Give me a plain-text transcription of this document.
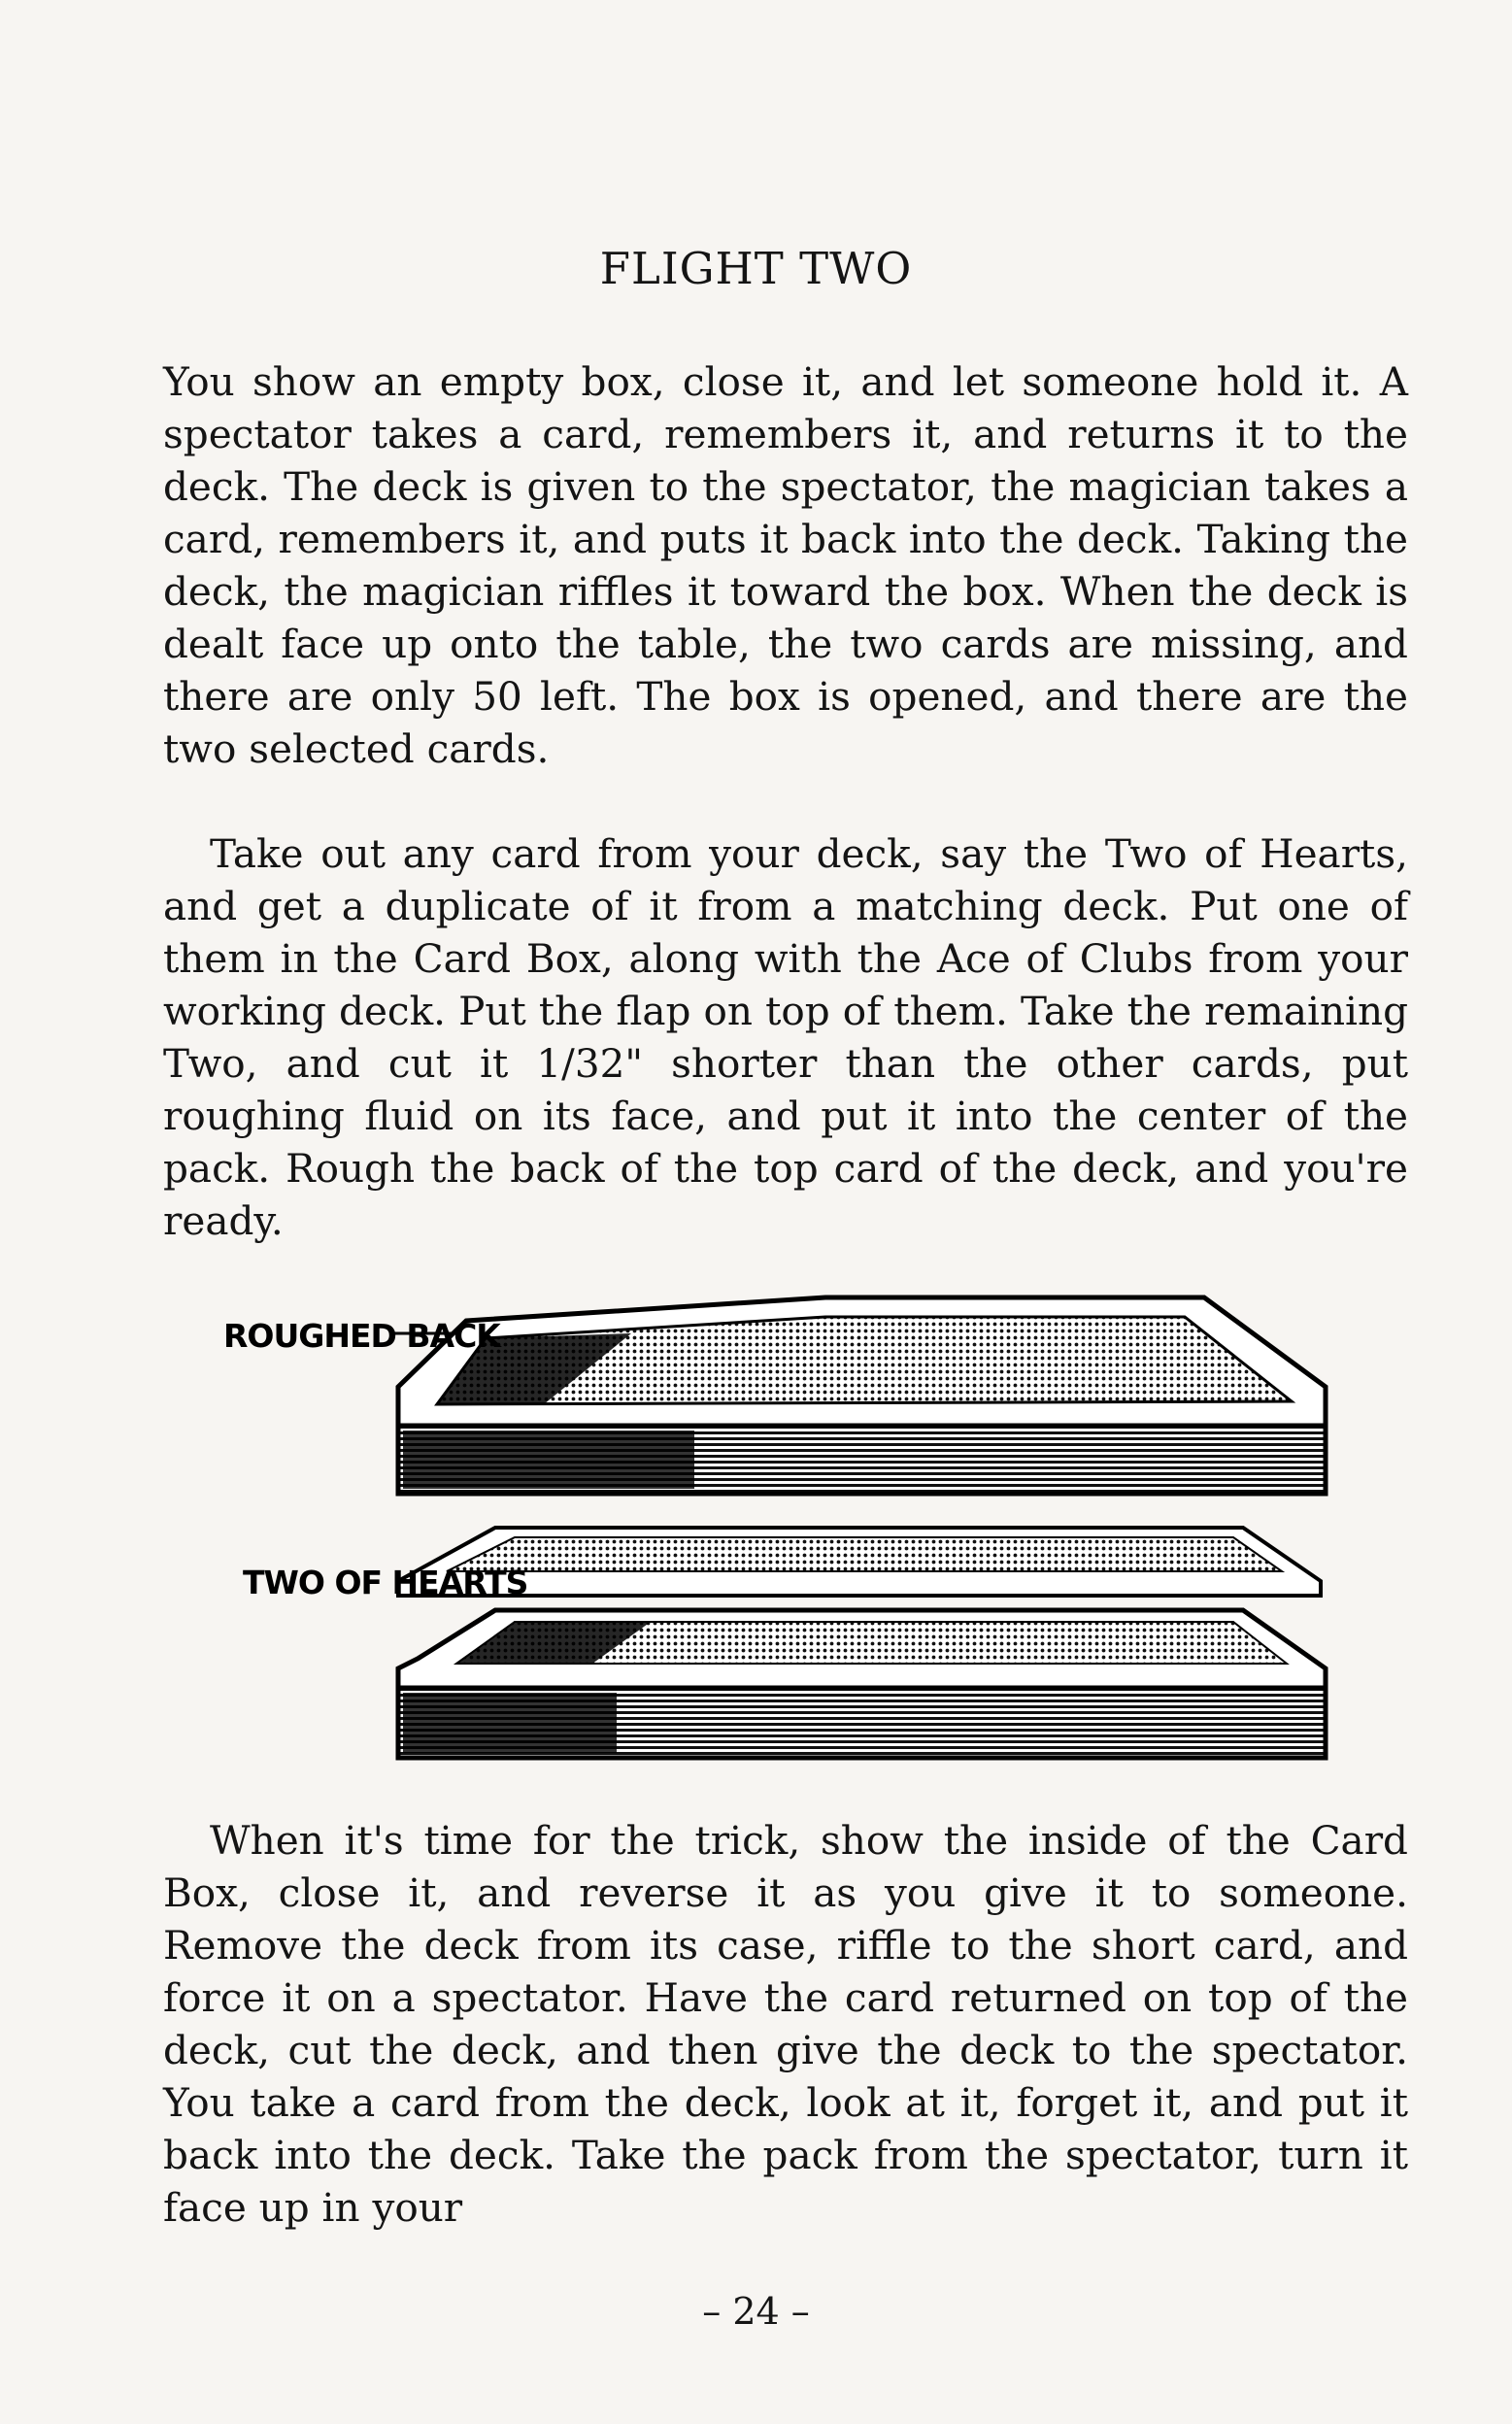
FLIGHT TWO

You show an empty box, close it, and let someone hold it. A spectator takes a card, remembers it, and returns it to the deck. The deck is given to the spectator, the magician takes a card, remembers it, and puts it back into the deck. Taking the deck, the magician riffles it toward the box. When the deck is dealt face up onto the table, the two cards are missing, and there are only 50 left. The box is opened, and there are the two selected cards.

Take out any card from your deck, say the Two of Hearts, and get a duplicate of it from a matching deck. Put one of them in the Card Box, along with the Ace of Clubs from your working deck. Put the flap on top of them. Take the remaining Two, and cut it 1/32" shorter than the other cards, put roughing fluid on its face, and put it into the center of the pack. Rough the back of the top card of the deck, and you're ready.

ROUGHED BACK
TWO OF HEARTS

When it's time for the trick, show the inside of the Card Box, close it, and reverse it as you give it to someone. Remove the deck from its case, riffle to the short card, and force it on a spectator. Have the card returned on top of the deck, cut the deck, and then give the deck to the spectator. You take a card from the deck, look at it, forget it, and put it back into the deck. Take the pack from the spectator, turn it face up in your

– 24 –
